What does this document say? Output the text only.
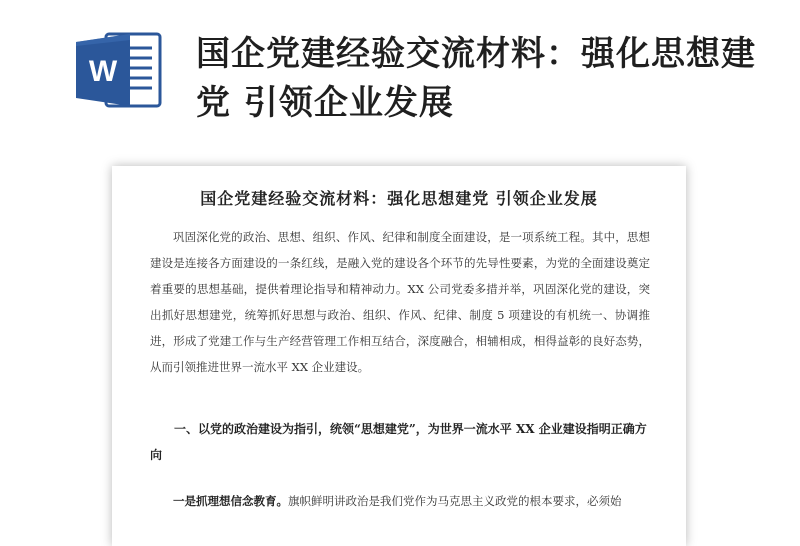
W 国企党建经验交流材料：强化思想建党 引领企业发展
国企党建经验交流材料：强化思想建党 引领企业发展

巩固深化党的政治、思想、组织、作风、纪律和制度全面建设，是一项系统工程。其中，思想建设是连接各方面建设的一条红线，是融入党的建设各个环节的先导性要素，为党的全面建设奠定着重要的思想基础，提供着理论指导和精神动力。XX 公司党委多措并举，巩固深化党的建设，突出抓好思想建党，统筹抓好思想与政治、组织、作风、纪律、制度 5 项建设的有机统一、协调推进，形成了党建工作与生产经营管理工作相互结合，深度融合，相辅相成，相得益彰的良好态势，从而引领推进世界一流水平 XX 企业建设。

一、以党的政治建设为指引，统领“思想建党”，为世界一流水平 XX 企业建设指明正确方向

一是抓理想信念教育。旗帜鲜明讲政治是我们党作为马克思主义政党的根本要求，必须始
